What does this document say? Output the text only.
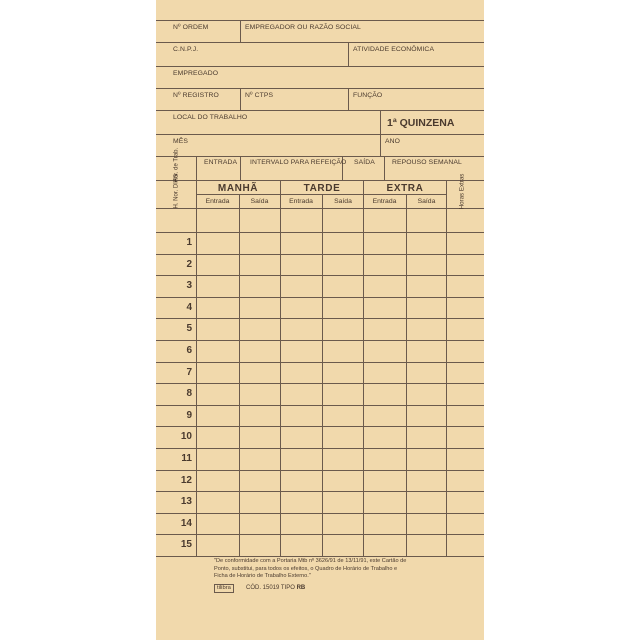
Nº ORDEM	EMPREGADOR OU RAZÃO SOCIAL
C.N.P.J.	ATIVIDADE ECONÔMICA
EMPREGADO
Nº REGISTRO	Nº CTPS	FUNÇÃO
LOCAL DO TRABALHO	1ª QUINZENA
MÊS	ANO
Hor. de Trab.	ENTRADA INTERVALO PARA REFEIÇÃO SAÍDA	REPOUSO SEMANAL
H. Nor. DIAS	MANHÃ	TARDE	EXTRA	Horas Extras
Entrada	Saída	Entrada	Saída	Entrada	Saída
1
2
3
4
5
6
7
8
9
10
11
12
13
14
15
"De conformidade com a Portaria Mtb nº 3626/91 de 13/11/91, este Cartão de
Ponto, substitui, para todos os efeitos, o Quadro de Horário de Trabalho e
Ficha de Horário de Trabalho Externo."
tilibra	CÓD. 15019 TIPO RB
